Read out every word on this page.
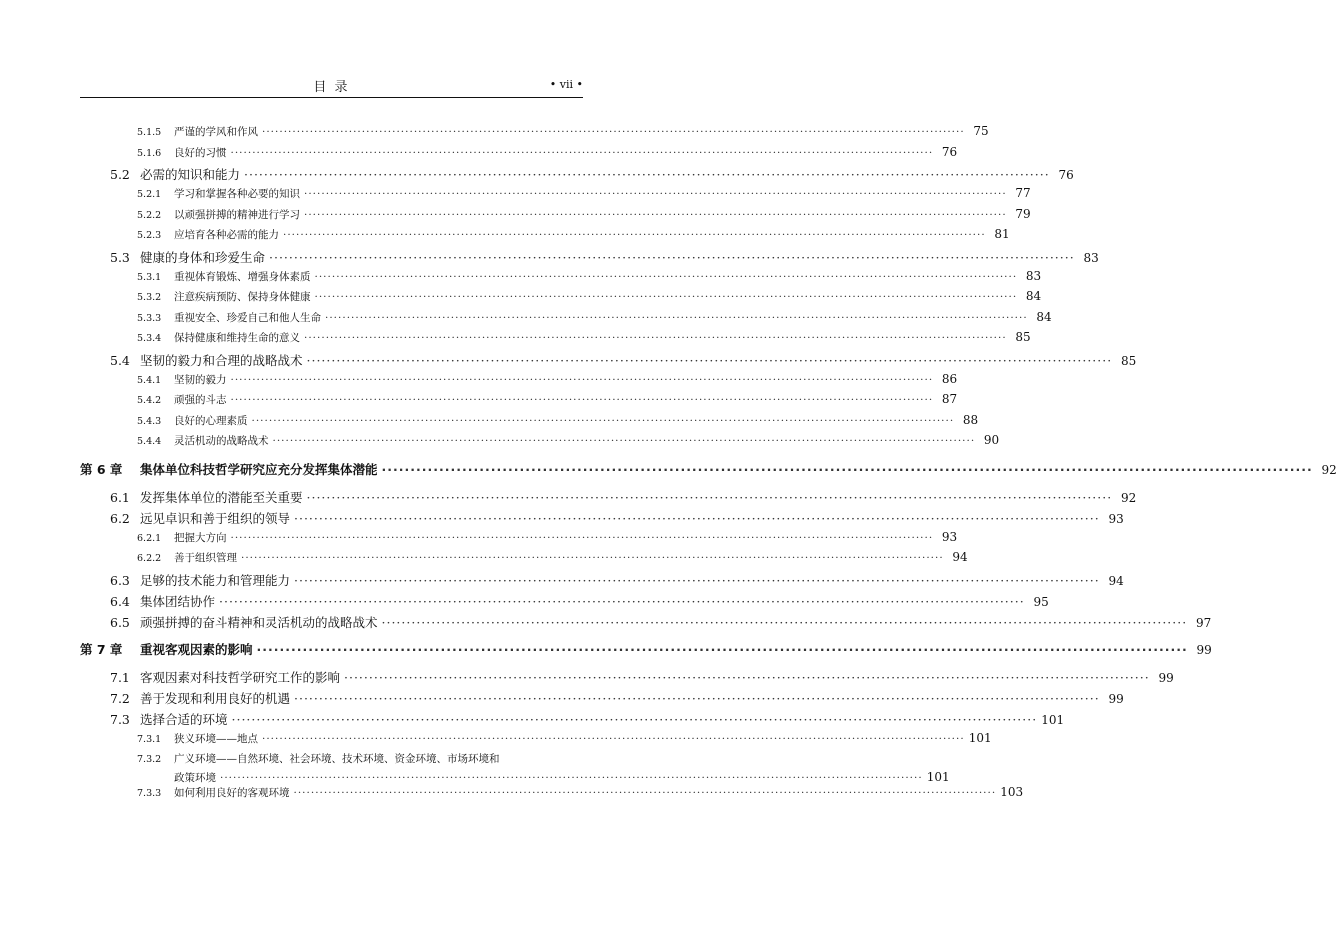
目 录	• vii •
5.1.5	严谨的学风和作风 ·····	75
5.1.6	良好的习惯 ·····	76
5.2 必需的知识和能力 ·····	76
5.2.1	学习和掌握各种必要的知识 ·····	77
5.2.2	以顽强拼搏的精神进行学习 ·····	79
5.2.3	应培育各种必需的能力 ·····	81
5.3 健康的身体和珍爱生命 ·····	83
5.3.1	重视体育锻炼、增强身体素质 ·····	83
5.3.2	注意疾病预防、保持身体健康 ·····	84
5.3.3	重视安全、珍爱自己和他人生命 ·····	84
5.3.4	保持健康和维持生命的意义 ·····	85
5.4 坚韧的毅力和合理的战略战术 ·····	85
5.4.1	坚韧的毅力 ·····	86
5.4.2	顽强的斗志 ·····	87
5.4.3	良好的心理素质 ·····	88
5.4.4	灵活机动的战略战术 ·····	90
第 6 章	集体单位科技哲学研究应充分发挥集体潜能 ·····	92
6.1 发挥集体单位的潜能至关重要 ·····	92
6.2 远见卓识和善于组织的领导 ·····	93
6.2.1	把握大方向 ·····	93
6.2.2	善于组织管理 ·····	94
6.3 足够的技术能力和管理能力 ·····	94
6.4 集体团结协作 ·····	95
6.5 顽强拼搏的奋斗精神和灵活机动的战略战术 ·····	97
第 7 章	重视客观因素的影响 ·····	99
7.1 客观因素对科技哲学研究工作的影响 ·····	99
7.2 善于发现和利用良好的机遇 ·····	99
7.3 选择合适的环境 ·····	101
7.3.1	狭义环境——地点 ·····	101
7.3.2	广义环境——自然环境、社会环境、技术环境、资金环境、市场环境和
政策环境 ·····	101
7.3.3	如何利用良好的客观环境 ·····	103
